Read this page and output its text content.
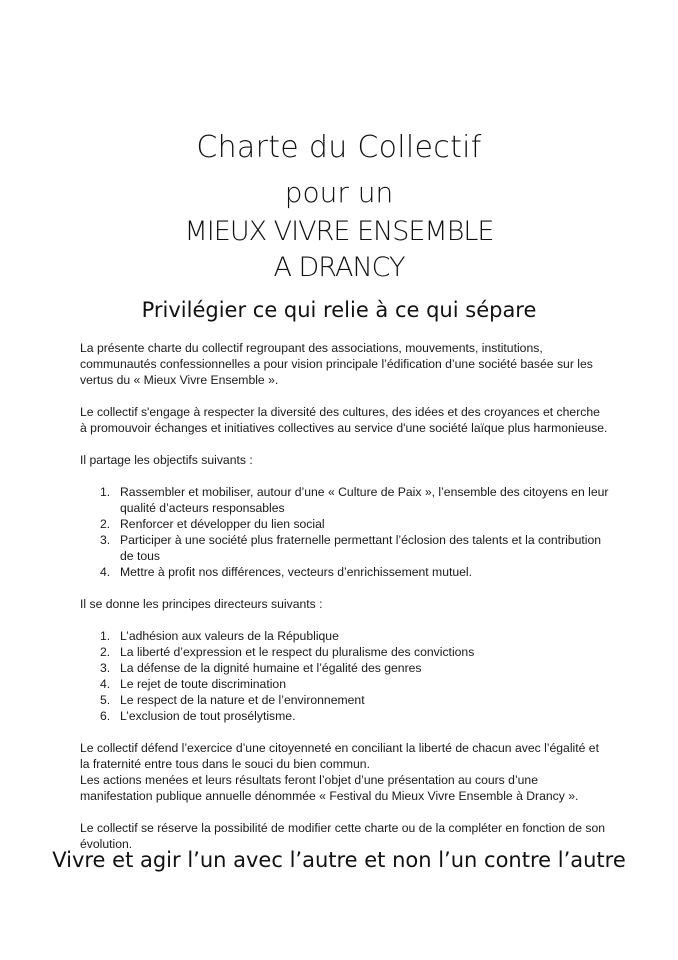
Charte du Collectif
pour un
MIEUX VIVRE ENSEMBLE
A DRANCY
Privilégier ce qui relie à ce qui sépare

La présente charte du collectif regroupant des associations, mouvements, institutions, communautés confessionnelles a pour vision principale l’édification d’une société basée sur les vertus du « Mieux Vivre Ensemble ».

Le collectif s'engage à respecter la diversité des cultures, des idées et des croyances et cherche à promouvoir échanges et initiatives collectives au service d'une société laïque plus harmonieuse.

Il partage les objectifs suivants :

1. Rassembler et mobiliser, autour d’une « Culture de Paix », l’ensemble des citoyens en leur qualité d’acteurs responsables
2. Renforcer et développer du lien social
3. Participer à une société plus fraternelle permettant l’éclosion des talents et la contribution de tous
4. Mettre à profit nos différences, vecteurs d’enrichissement mutuel.

Il se donne les principes directeurs suivants :

1. L’adhésion aux valeurs de la République
2. La liberté d’expression et le respect du pluralisme des convictions
3. La défense de la dignité humaine et l’égalité des genres
4. Le rejet de toute discrimination
5. Le respect de la nature et de l’environnement
6. L’exclusion de tout prosélytisme.

Le collectif défend l’exercice d’une citoyenneté en conciliant la liberté de chacun avec l’égalité et la fraternité entre tous dans le souci du bien commun.

Les actions menées et leurs résultats feront l’objet d’une présentation au cours d’une manifestation publique annuelle dénommée « Festival du Mieux Vivre Ensemble à Drancy ».

Le collectif se réserve la possibilité de modifier cette charte ou de la compléter en fonction de son évolution.

Vivre et agir l’un avec l’autre et non l’un contre l’autre
